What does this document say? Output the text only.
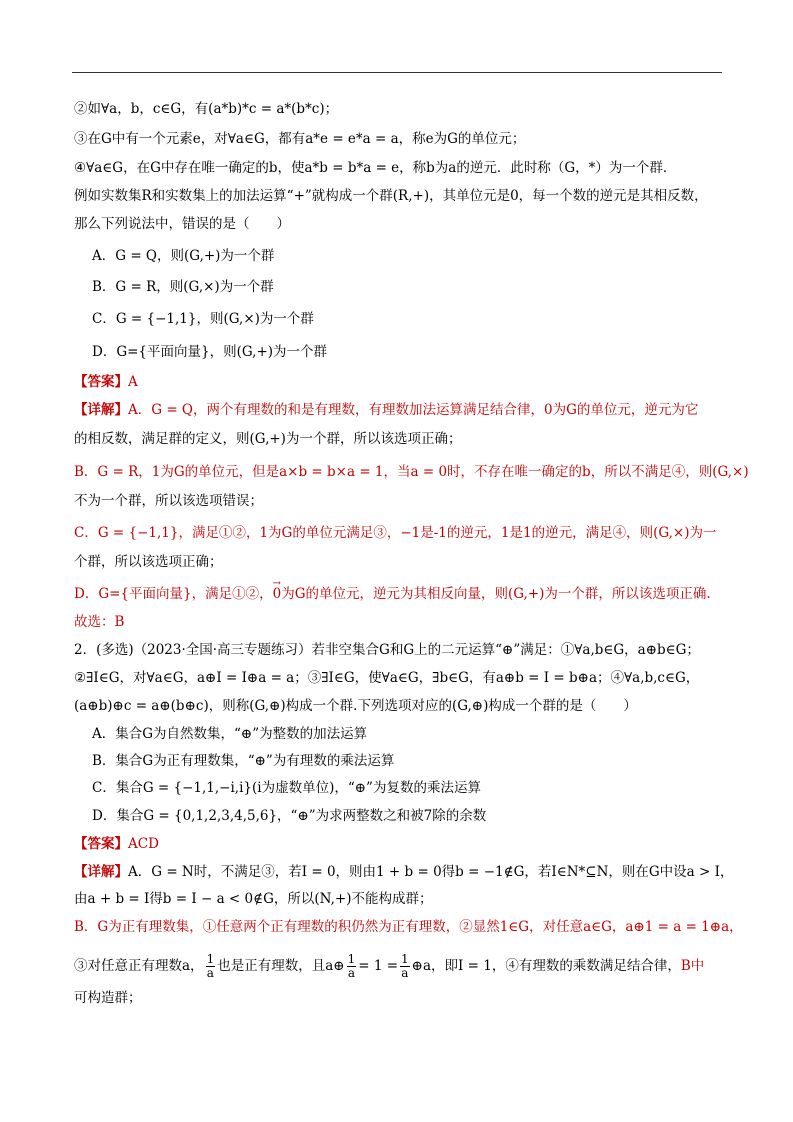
②如∀a，b，c∈G，有(a*b)*c = a*(b*c)；
③在G中有一个元素e，对∀a∈G，都有a*e = e*a = a，称e为G的单位元；
④∀a∈G，在G中存在唯一确定的b，使a*b = b*a = e，称b为a的逆元．此时称（G，*）为一个群．
例如实数集R和实数集上的加法运算“+”就构成一个群(R,+)，其单位元是0，每一个数的逆元是其相反数，
那么下列说法中，错误的是（　　）
A．G = Q，则(G,+)为一个群
B．G = R，则(G,×)为一个群
C．G = {−1,1}，则(G,×)为一个群
D．G={平面向量}，则(G,+)为一个群
【答案】A
【详解】A．G = Q，两个有理数的和是有理数，有理数加法运算满足结合律，0为G的单位元，逆元为它
的相反数，满足群的定义，则(G,+)为一个群，所以该选项正确；
B．G = R，1为G的单位元，但是a×b = b×a = 1，当a = 0时，不存在唯一确定的b，所以不满足④，则(G,×)
不为一个群，所以该选项错误；
C．G = {−1,1}，满足①②，1为G的单位元满足③，−1是-1的逆元，1是1的逆元，满足④，则(G,×)为一
个群，所以该选项正确；
D．G={平面向量}，满足①②，
→
0为G的单位元，逆元为其相反向量，则(G,+)为一个群，所以该选项正确.
故选：B
2．(多选)（2023·全国·高三专题练习）若非空集合G和G上的二元运算“⊕”满足：①∀a,b∈G，a⊕b∈G；
②∃I∈G，对∀a∈G，a⊕I = I⊕a = a；③∃I∈G，使∀a∈G，∃b∈G，有a⊕b = I = b⊕a；④∀a,b,c∈G，
(a⊕b)⊕c = a⊕(b⊕c)，则称(G,⊕)构成一个群.下列选项对应的(G,⊕)构成一个群的是（　　）
A．集合G为自然数集，“⊕”为整数的加法运算
B．集合G为正有理数集，“⊕”为有理数的乘法运算
C．集合G = {−1,1,−i,i}(i为虚数单位)，“⊕”为复数的乘法运算
D．集合G = {0,1,2,3,4,5,6}，“⊕”为求两整数之和被7除的余数
【答案】ACD
【详解】A．G = N时，不满足③，若I = 0，则由1 + b = 0得b = −1∉G，若I∈N*⊆N，则在G中设a > I，
由a + b = I得b = I − a < 0∉G，所以(N,+)不能构成群；
B．G为正有理数集，①任意两个正有理数的积仍然为正有理数，②显然1∈G，对任意a∈G，a⊕1 = a = 1⊕a，
③对任意正有理数a， $\frac{1}{a}$ 也是正有理数，且a⊕ $\frac{1}{a} = 1 = \frac{1}{a}$ ⊕a，即I = 1，④有理数的乘数满足结合律，B中
可构造群；
